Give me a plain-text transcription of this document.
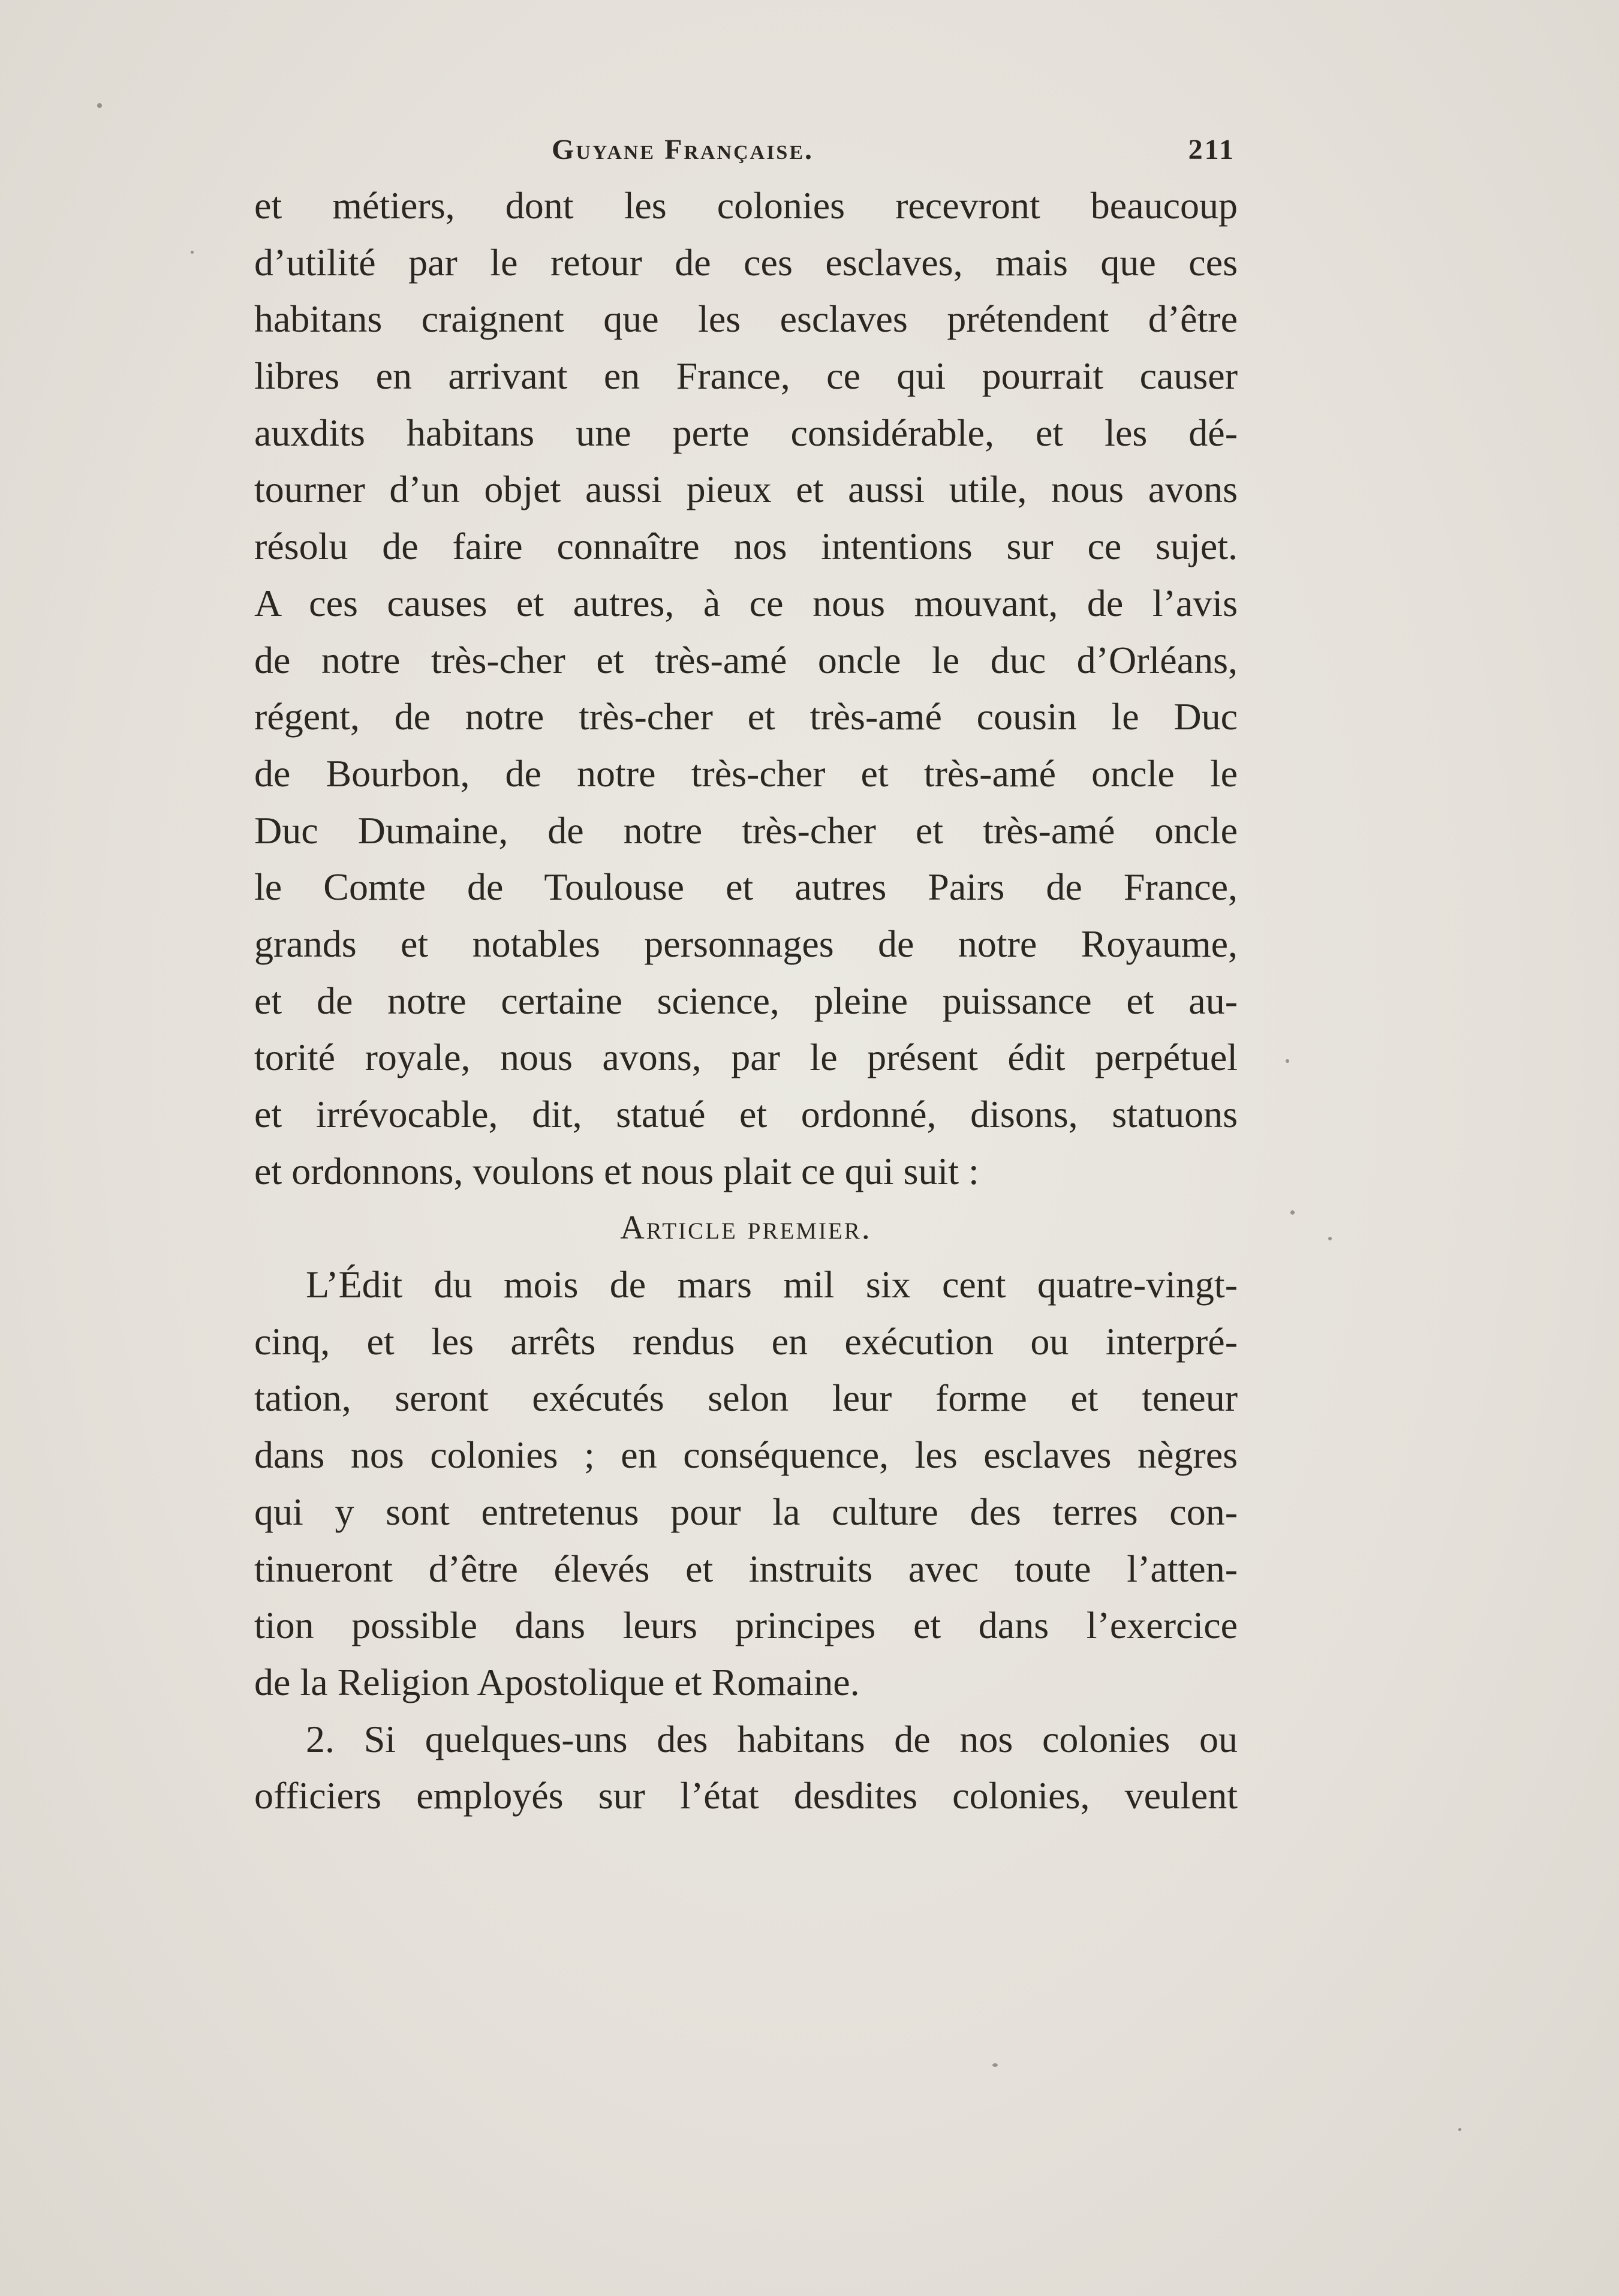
Guyane Française.	211
et métiers, dont les colonies recevront beaucoup
d’utilité par le retour de ces esclaves, mais que ces
habitans craignent que les esclaves prétendent d’être
libres en arrivant en France, ce qui pourrait causer
auxdits habitans une perte considérable, et les dé-
tourner d’un objet aussi pieux et aussi utile, nous avons
résolu de faire connaître nos intentions sur ce sujet.
A ces causes et autres, à ce nous mouvant, de l’avis
de notre très-cher et très-amé oncle le duc d’Orléans,
régent, de notre très-cher et très-amé cousin le Duc
de Bourbon, de notre très-cher et très-amé oncle le
Duc Dumaine, de notre très-cher et très-amé oncle
le Comte de Toulouse et autres Pairs de France,
grands et notables personnages de notre Royaume,
et de notre certaine science, pleine puissance et au-
torité royale, nous avons, par le présent édit perpétuel
et irrévocable, dit, statué et ordonné, disons, statuons
et ordonnons, voulons et nous plait ce qui suit :
Article premier.
L’Édit du mois de mars mil six cent quatre-vingt-
cinq, et les arrêts rendus en exécution ou interpré-
tation, seront exécutés selon leur forme et teneur
dans nos colonies ; en conséquence, les esclaves nègres
qui y sont entretenus pour la culture des terres con-
tinueront d’être élevés et instruits avec toute l’atten-
tion possible dans leurs principes et dans l’exercice
de la Religion Apostolique et Romaine.
2. Si quelques-uns des habitans de nos colonies ou
officiers employés sur l’état desdites colonies, veulent
